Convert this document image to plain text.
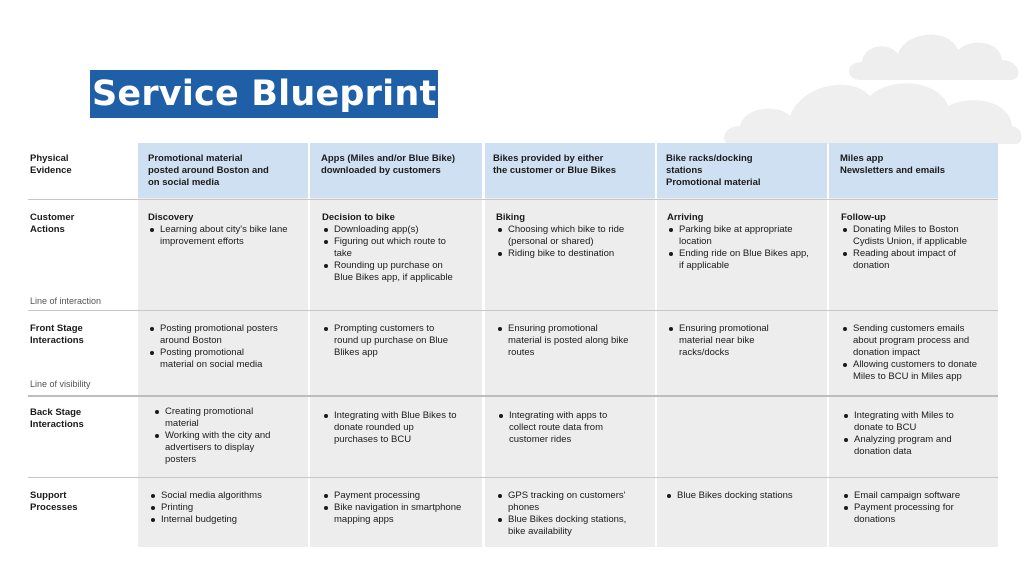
Service Blueprint
Physical
Evidence
Customer
Actions
Front Stage
Interactions
Back Stage
Interactions
Support
Processes
Line of interaction
Line of visibility
Promotional material
posted around Boston and
on social media
Apps (Miles and/or Blue Bike)
downloaded by customers
Bikes provided by either
the customer or Blue Bikes
Bike racks/docking
stations
Promotional material
Miles app
Newsletters and emails
Discovery
Learning about city's bike lane improvement efforts
Decision to bike
Downloading app(s)
Figuring out which route to take
Rounding up purchase on Blue Bikes app, if applicable
Biking
Choosing which bike to ride (personal or shared)
Riding bike to destination
Arriving
Parking bike at appropriate location
Ending ride on Blue Bikes app, if applicable
Follow-up
Donating Miles to Boston Cydists Union, if applicable
Reading about impact of donation
Posting promotional posters around Boston
Posting promotional material on social media
Prompting customers to round up purchase on Blue Blikes app
Ensuring promotional material is posted along bike routes
Ensuring promotional material near bike racks/docks
Sending customers emails about program process and donation impact
Allowing customers to donate Miles to BCU in Miles app
Creating promotional material
Working with the city and advertisers to display posters
Integrating with Blue Bikes to donate rounded up purchases to BCU
Integrating with apps to collect route data from customer rides
Integrating with Miles to donate to BCU
Analyzing program and donation data
Social media algorithms
Printing
Internal budgeting
Payment processing
Bike navigation in smartphone mapping apps
GPS tracking on customers' phones
Blue Bikes docking stations, bike availability
Blue Bikes docking stations	Email campaign software
Payment processing for donations
